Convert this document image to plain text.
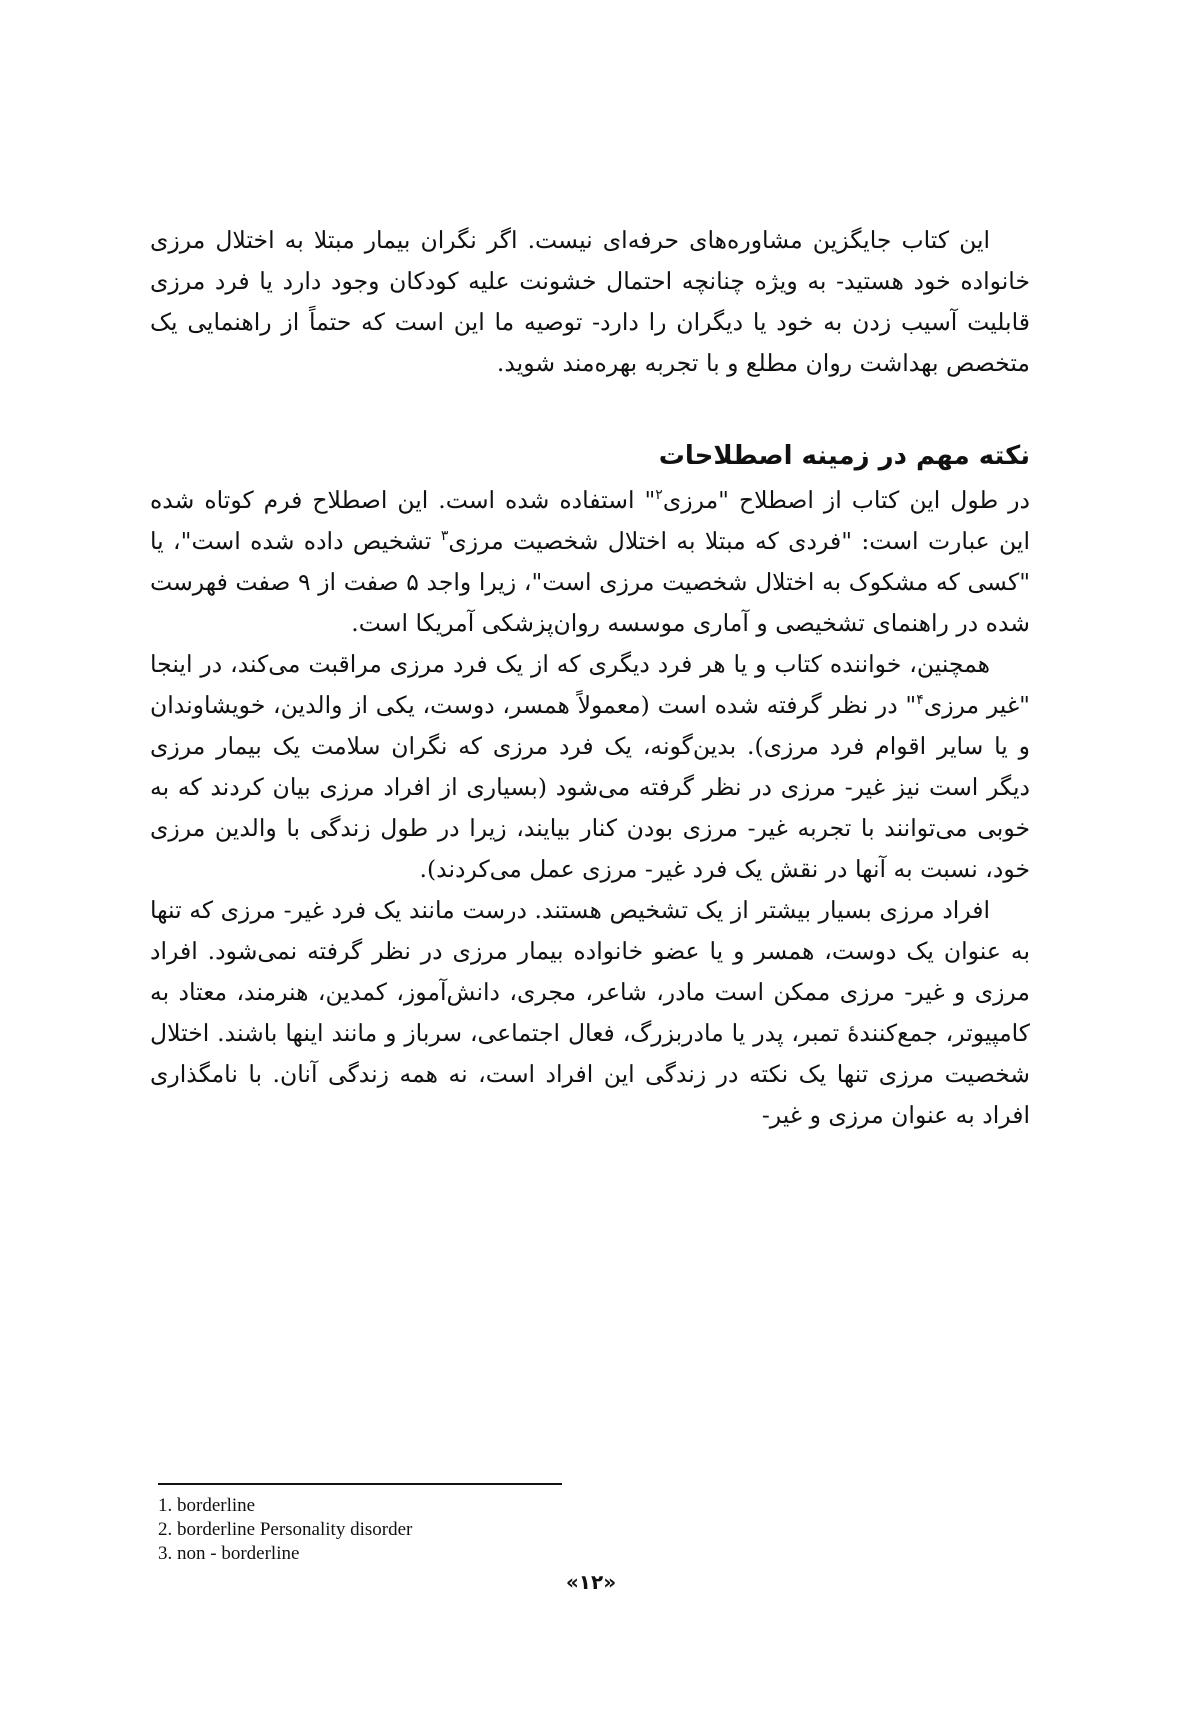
این کتاب جایگزین مشاوره‌های حرفه‌ای نیست. اگر نگران بیمار مبتلا به اختلال مرزی خانواده خود هستید- به ویژه چنانچه احتمال خشونت علیه کودکان وجود دارد یا فرد مرزی قابلیت آسیب زدن به خود یا دیگران را دارد- توصیه ما این است که حتماً از راهنمایی یک متخصص بهداشت روان مطلع و با تجربه بهره‌مند شوید.

نکته مهم در زمینه اصطلاحات

در طول این کتاب از اصطلاح "مرزی$^۲$" استفاده شده است. این اصطلاح فرم کوتاه شده این عبارت است: "فردی که مبتلا به اختلال شخصیت مرزی$^۳$ تشخیص داده شده است"، یا "کسی که مشکوک به اختلال شخصیت مرزی است"، زیرا واجد ۵ صفت از ۹ صفت فهرست شده در راهنمای تشخیصی و آماری موسسه روان‌پزشکی آمریکا است.

همچنین، خواننده کتاب و یا هر فرد دیگری که از یک فرد مرزی مراقبت می‌کند، در اینجا "غیر مرزی$^۴$" در نظر گرفته شده است (معمولاً همسر، دوست، یکی از والدین، خویشاوندان و یا سایر اقوام فرد مرزی). بدین‌گونه، یک فرد مرزی که نگران سلامت یک بیمار مرزی دیگر است نیز غیر- مرزی در نظر گرفته می‌شود (بسیاری از افراد مرزی بیان کردند که به خوبی می‌توانند با تجربه غیر- مرزی بودن کنار بیایند، زیرا در طول زندگی با والدین مرزی خود، نسبت به آنها در نقش یک فرد غیر- مرزی عمل می‌کردند).

افراد مرزی بسیار بیشتر از یک تشخیص هستند. درست مانند یک فرد غیر- مرزی که تنها به عنوان یک دوست، همسر و یا عضو خانواده بیمار مرزی در نظر گرفته نمی‌شود. افراد مرزی و غیر- مرزی ممکن است مادر، شاعر، مجری، دانش‌آموز، کمدین، هنرمند، معتاد به کامپیوتر، جمع‌کنندهٔ تمبر، پدر یا مادربزرگ، فعال اجتماعی، سرباز و مانند اینها باشند. اختلال شخصیت مرزی تنها یک نکته در زندگی این افراد است، نه همه زندگی آنان. با نامگذاری افراد به عنوان مرزی و غیر-

1. borderline
2. borderline Personality disorder
3. non - borderline
«۱۲»
